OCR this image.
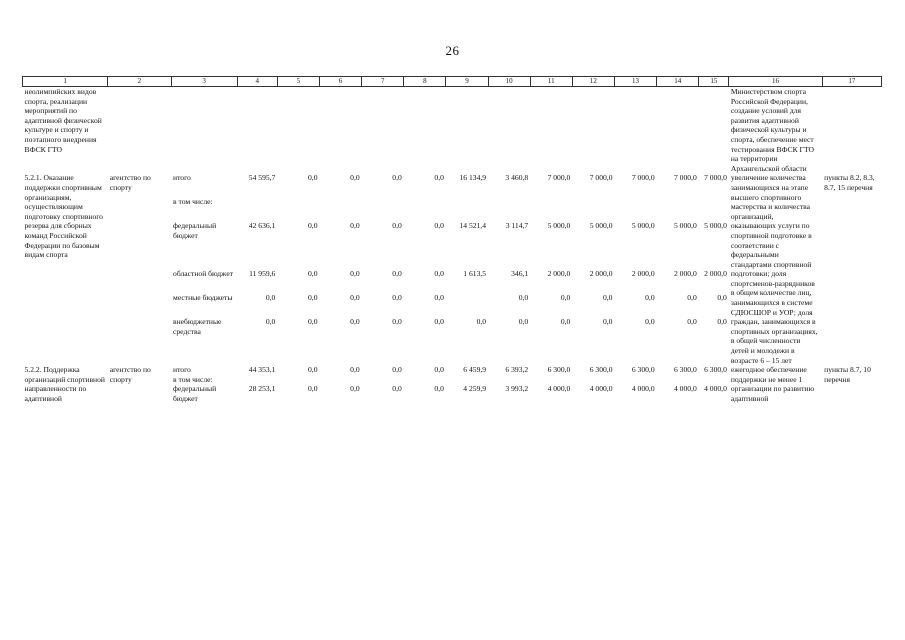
26
1	2	3	4	5	6	7	8	9	10	11	12	13	14	15	16	17
неолимпийских видов спорта, реализации мероприятий по адаптивной физической культуре и спорту и поэтапного внедрения ВФСК ГТО															Министерством спорта Российской Федерации, создание условий для развития адаптивной физической культуры и спорта, обеспечение мест тестирования ВФСК ГТО на территории Архангельской области	
5.2.1. Оказание поддержки спортивным организациям, осуществляющим подготовку спортивного резерва для сборных команд Российской Федерации по базовым видам спорта	агентство по спорту	итого	54 595,7	0,0	0,0	0,0	0,0	16 134,9	3 460,8	7 000,0	7 000,0	7 000,0	7 000,0	7 000,0	увеличение количества занимающихся на этапе высшего спортивного мастерства и количества организаций, оказывающих услуги по спортивной подготовке в соответствии с федеральными стандартами спортивной подготовки; доля спортсменов-разрядников в общем количестве лиц, занимающихся в системе СДЮСШОР и УОР; доля граждан, занимающихся в спортивных организациях, в общей численности детей и молодежи в возрасте 6 – 15 лет	пункты 8.2, 8.3, 8.7, 15 перечня
		в том числе:														
		федеральный бюджет	42 636,1	0,0	0,0	0,0	0,0	14 521,4	3 114,7	5 000,0	5 000,0	5 000,0	5 000,0	5 000,0		
		областной бюджет	11 959,6	0,0	0,0	0,0	0,0	1 613,5	346,1	2 000,0	2 000,0	2 000,0	2 000,0	2 000,0		
		местные бюджеты	0,0	0,0	0,0	0,0	0,0		0,0	0,0	0,0	0,0	0,0	0,0		
		внебюджетные средства	0,0	0,0	0,0	0,0	0,0	0,0	0,0	0,0	0,0	0,0	0,0	0,0		
5.2.2. Поддержка организаций спортивной направленности по адаптивной	агентство по спорту	итого	44 353,1	0,0	0,0	0,0	0,0	6 459,9	6 393,2	6 300,0	6 300,0	6 300,0	6 300,0	6 300,0	ежегодное обеспечение поддержки не менее 1 организации по развитию адаптивной	пункты 8.7, 10 перечня
		в том числе:														
		федеральный бюджет	28 253,1	0,0	0,0	0,0	0,0	4 259,9	3 993,2	4 000,0	4 000,0	4 000,0	4 000,0	4 000,0		
